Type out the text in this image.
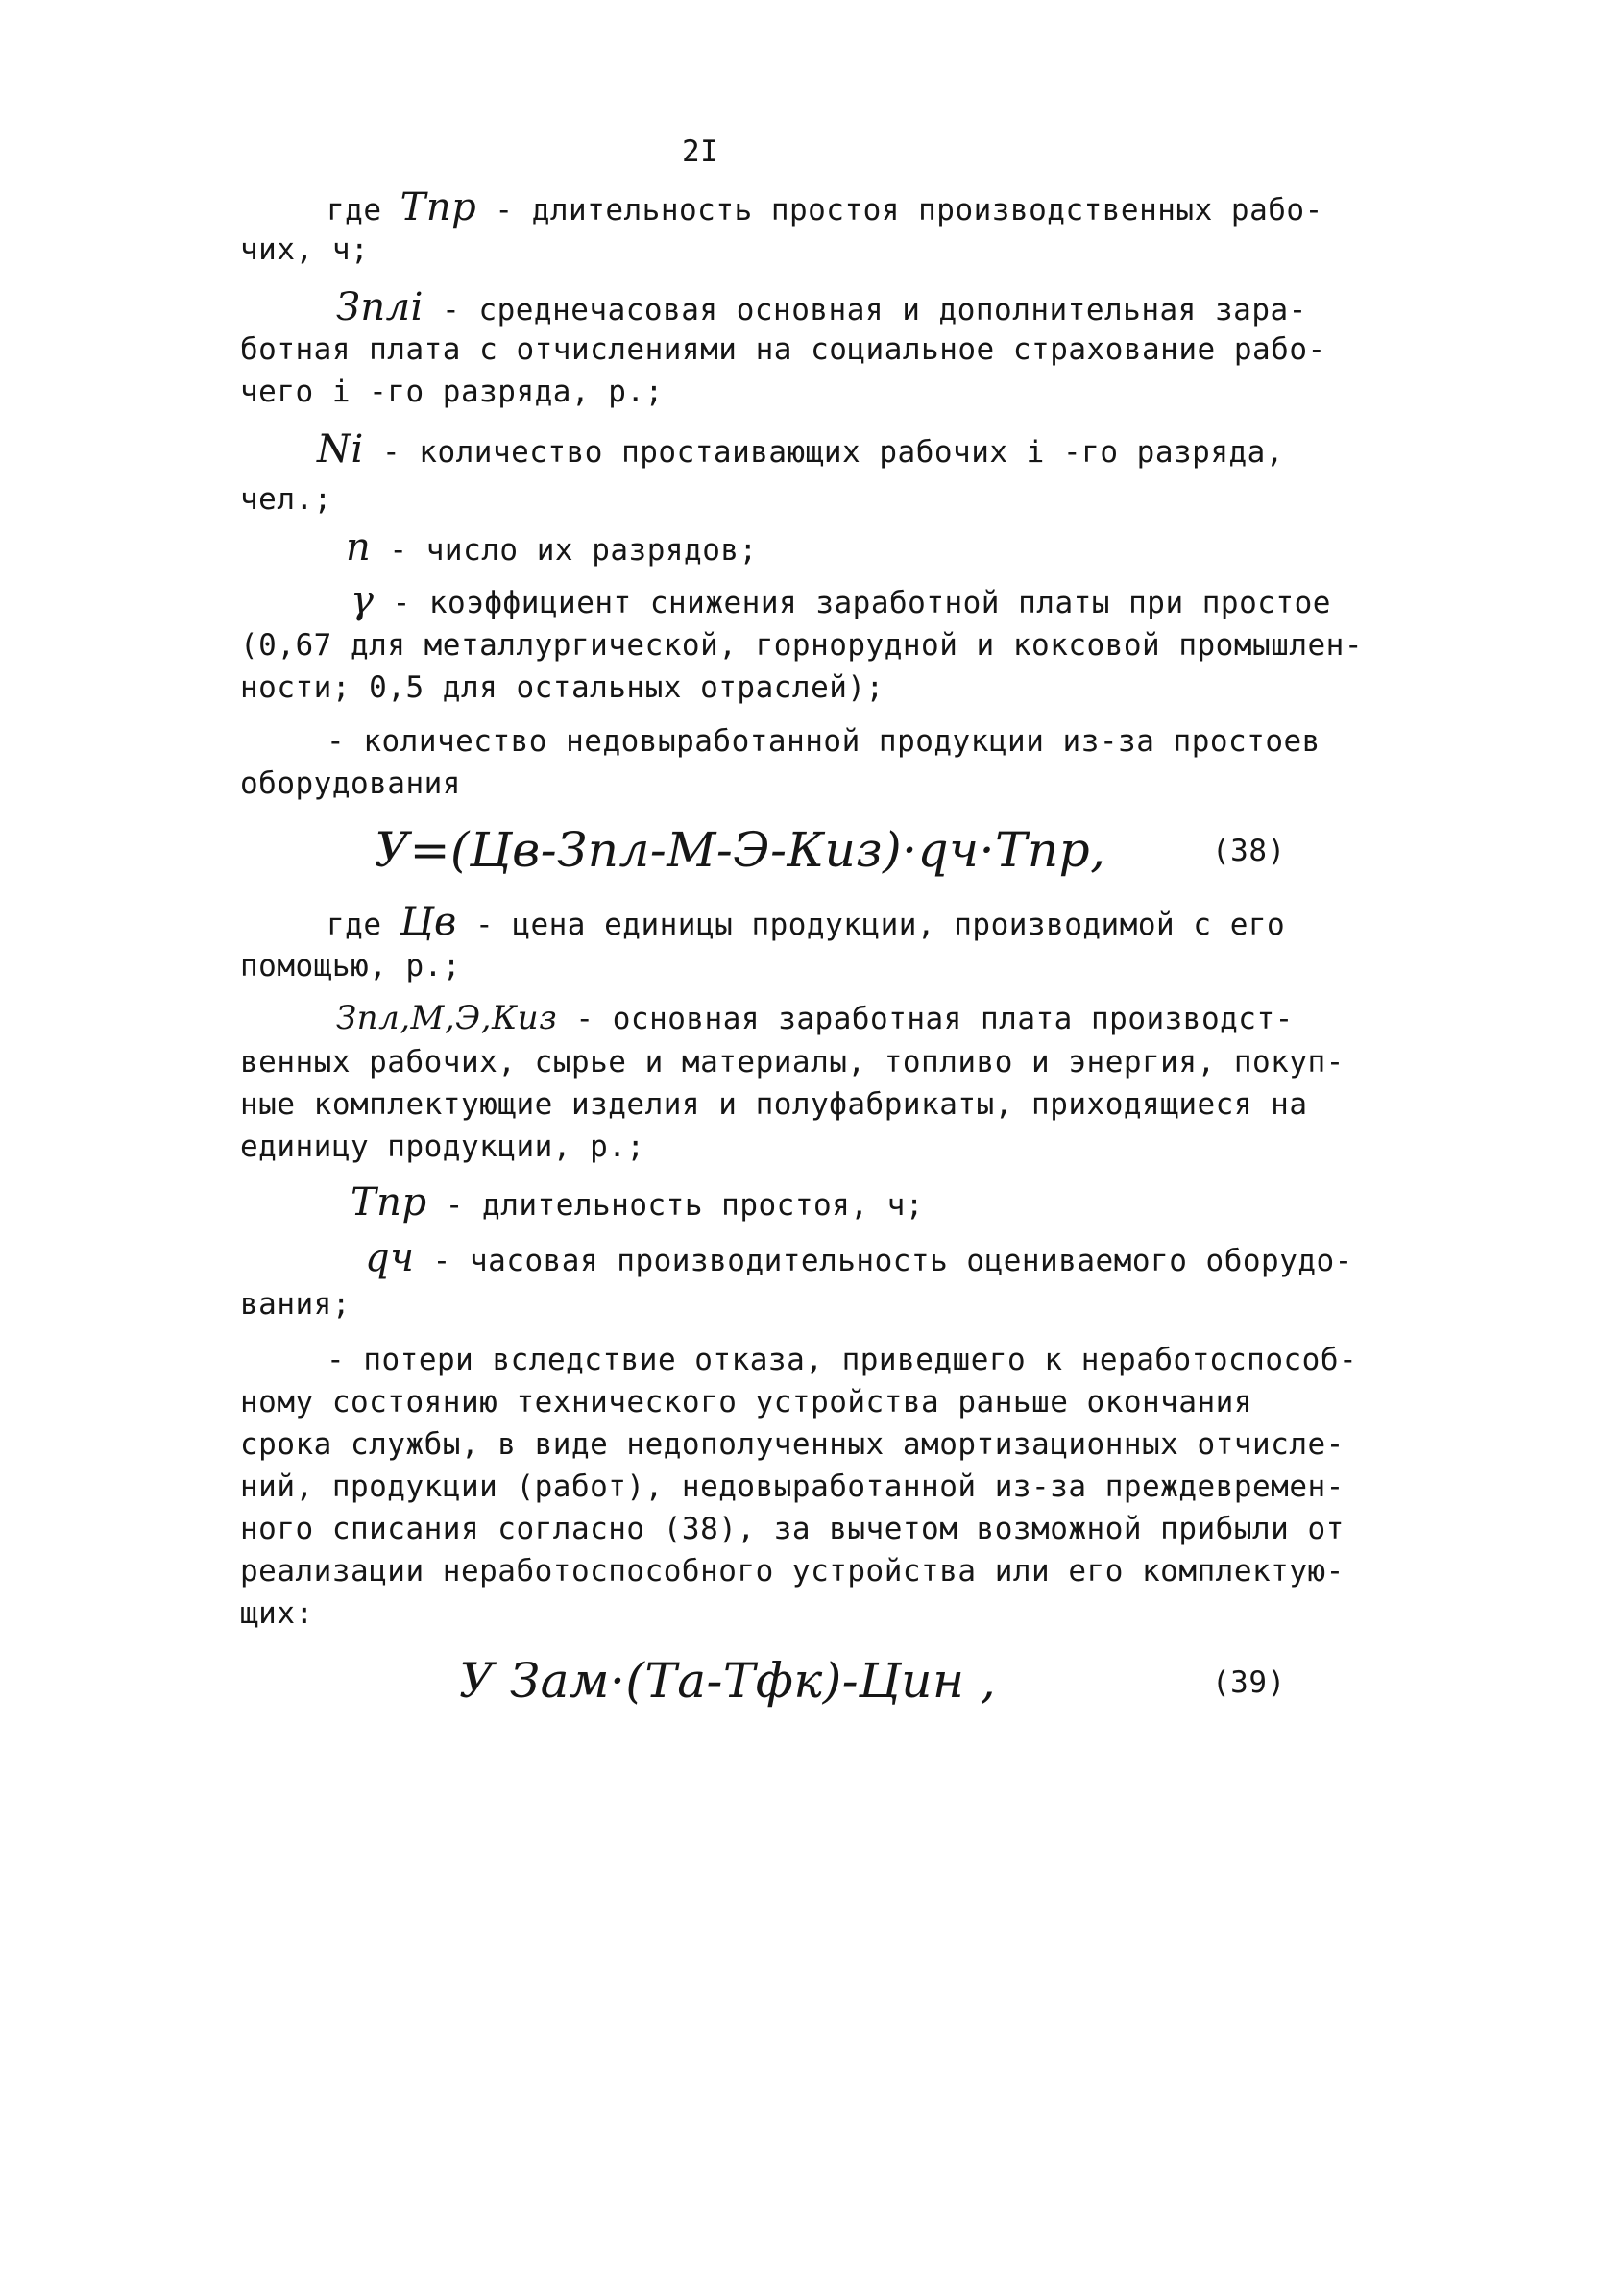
2I
где Tпр - длительность простоя производственных рабо-
чих, ч;
Зплi - среднечасовая основная и дополнительная зара-
ботная плата с отчислениями на социальное страхование рабо-
чего i -го разряда, р.;
Ni - количество простаивающих рабочих i -го разряда,
чел.;
n - число их разрядов;
γ - коэффициент снижения заработной платы при простое
(0,67 для металлургической, горнорудной и коксовой промышлен-
ности; 0,5 для остальных отраслей);
- количество недовыработанной продукции из-за простоев
оборудования
У=(Цв-Зпл-М-Э-Киз)·qч·Tпр,	(38)
где Цв - цена единицы продукции, производимой с его
помощью, р.;
Зпл,М,Э,Киз - основная заработная плата производст-
венных рабочих, сырье и материалы, топливо и энергия, покуп-
ные комплектующие изделия и полуфабрикаты, приходящиеся на
единицу продукции, р.;
Tпр - длительность простоя, ч;
qч - часовая производительность оцениваемого оборудо-
вания;
- потери вследствие отказа, приведшего к неработоспособ-
ному состоянию технического устройства раньше окончания
срока службы, в виде недополученных амортизационных отчисле-
ний, продукции (работ), недовыработанной из-за преждевремен-
ного списания согласно (38), за вычетом возможной прибыли от
реализации неработоспособного устройства или его комплектую-
щих:
У Зам·(Tа-Tфк)-Цин ,	(39)
